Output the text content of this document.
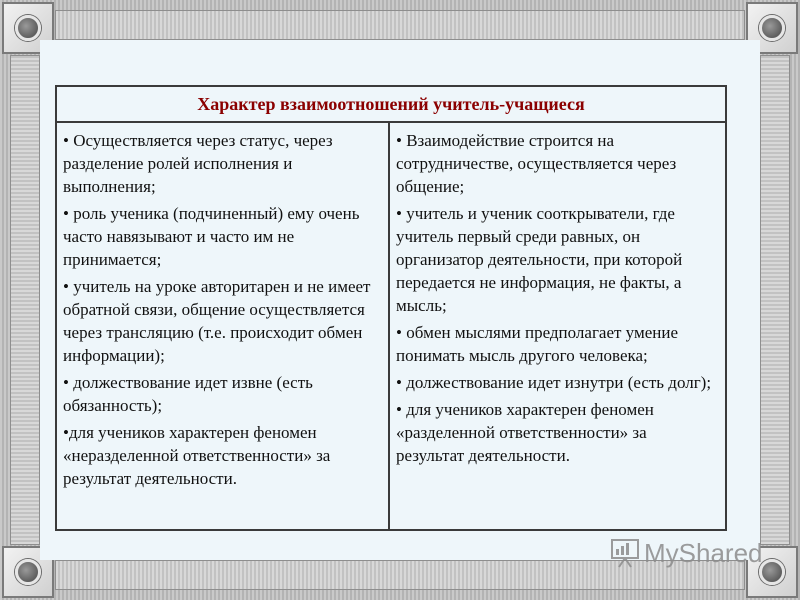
Характер взаимоотношений учитель-учащиеся
• Осуществляется через статус, через разделение ролей исполнения и выполнения;
• роль ученика (подчиненный) ему очень часто навязывают и часто им не принимается;
• учитель на уроке авторитарен и не имеет обратной связи, общение осуществляется через трансляцию (т.е. происходит обмен информации);
• должествование идет извне (есть обязанность);
•для учеников характерен феномен «неразделенной ответственности» за результат деятельности.
• Взаимодействие строится на сотрудничестве, осуществляется через общение;
• учитель и ученик соoткрыватели, где учитель первый среди равных, он организатор деятельности, при которой передается не информация, не факты, а мысль;
• обмен мыслями предполагает умение понимать мысль другого человека;
• должествование идет изнутри (есть долг);
• для учеников характерен феномен «разделенной ответственности» за результат деятельности.
MyShared
